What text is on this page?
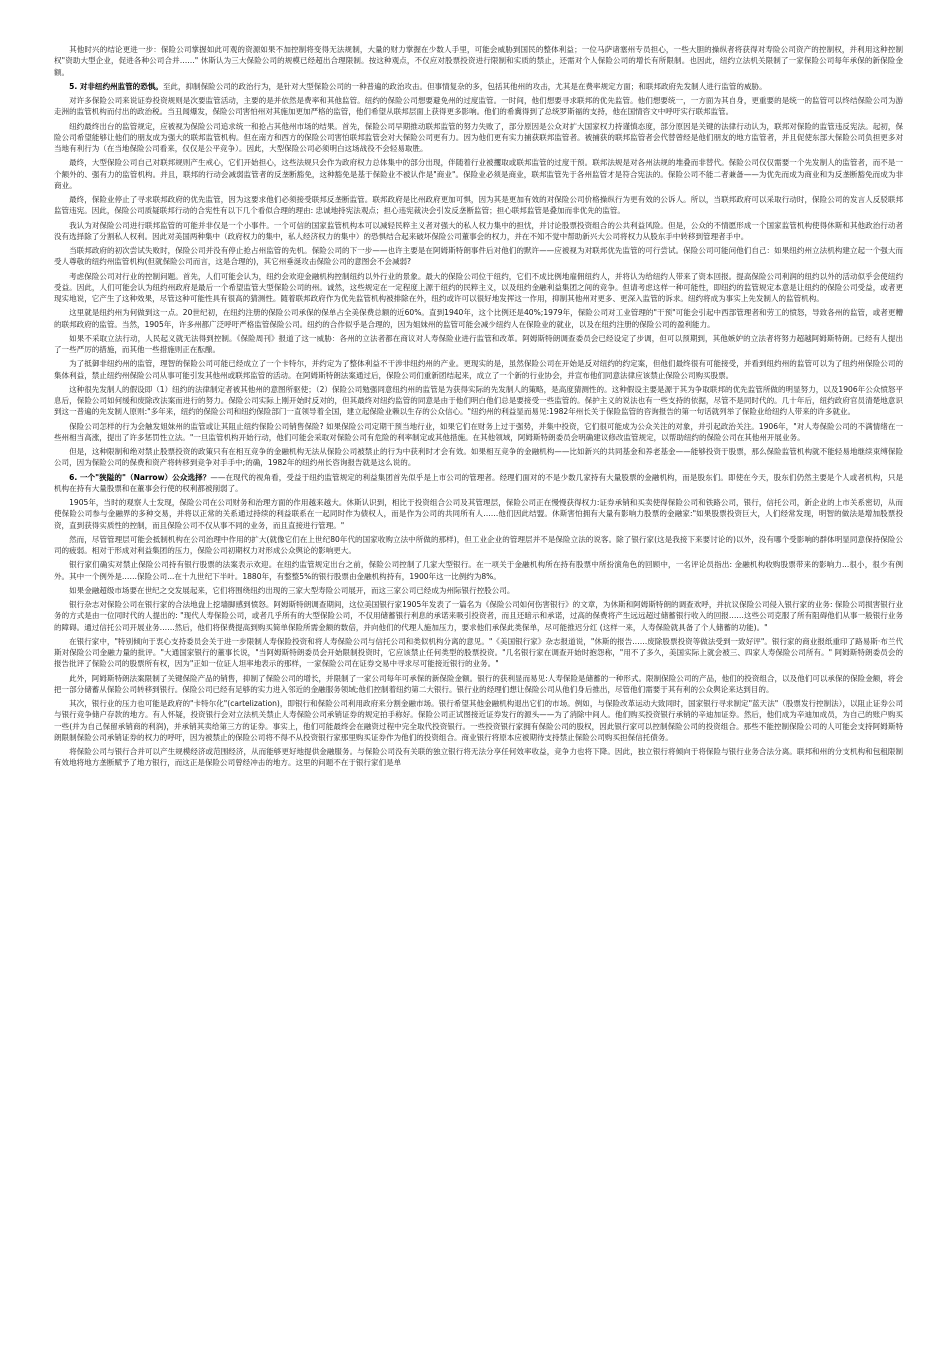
其他时兴的结论更进一步：保险公司掌握如此可观的资源如果不加控制将变得无法规制，大量的财力掌握在少数人手里，可能会威胁到国民的整体利益；一位马萨诸塞州专员担心，一些大胆的操纵者将获得对寿险公司资产的控制权，并利用这种控制权"资助大型企业，促进各种公司合并……" 休斯认为三大保险公司的规模已经超出合理限制。按这种观点，不仅应对股票投资进行限制和实质的禁止，还需对个人保险公司的增长有所限制。也因此，纽约立法机关限制了一家保险公司每年承保的新保险金额。

5. 对非纽约州监管的恐惧。至此，抑制保险公司的政治行为，是针对大型保险公司的一种普遍的政治攻击。但事情复杂的多，包括其他州的攻击，尤其是在费率规定方面；和联邦政府先发制人进行监管的威胁。

对许多保险公司来说证券投资规则是次要监管活动，主要的是并依然是费率和其他监管。纽约的保险公司想要避免州的过度监管。一时间，他们想要寻求联邦的优先监管。他们想要统一，一方面为其自身，更重要的是统一的监管可以终结保险公司为游走洲的监管机构而付出的政治税。当丑闻爆发，保险公司害怕州对其施加更加严格的监管，他们希望从联邦层面上获得更多影响。他们的希冀得到了总统罗斯福的支持，他在国情咨文中呼吁实行联邦监管。

纽约最终出台的监管规定，应被视为保险公司追求统一和抢占其他州市场的结果。首先，保险公司早期推动联邦监管的努力失败了，部分原因是公众对扩大国家权力持谨慎态度，部分原因是关键的法律行动认为，联邦对保险的监管违反宪法。起初，保险公司希望能够让他们的朋友成为强大的联邦监管机构。但在南方和西方的保险公司害怕联邦监管会对大保险公司更有力。因为他们更有实力捕获联邦监管者。被捕获的联邦监管者会代替曾经是他们朋友的地方监管者，并且促使东部大保险公司负担更多对当地有利行为（在当地保险公司看来，仅仅是公平竞争）。因此，大型保险公司必须明白这场战役不会轻易取胜。

最终，大型保险公司自己对联邦规则产生戒心，它们开始担心，这些法规只会作为政府权力总体集中的部分出现，伴随着行业被攫取或联邦监管的过度干预。联邦法规是对各州法规的堆叠而非替代。保险公司仅仅需要一个先发制人的监管者，而不是一个额外的、强有力的监管机构。并且，联邦的行动会减弱监管者的反垄断豁免，这种豁免是基于保险业不被认作是"商业"。保险业必须是商业，联邦监管先于各州监管才是符合宪法的。保险公司不能二者兼备——为优先而成为商业和为反垄断豁免而成为非商业。

最终，保险业停止了寻求联邦政府的优先监管，因为这要求他们必须接受联邦反垄断监管。联邦政府是比州政府更加可惧，因为其是更加有效的对保险公司价格操纵行为更有效的公诉人。所以，当联邦政府可以采取行动时，保险公司的发言人反驳联邦监管违宪。因此，保险公司质疑联邦行动的合宪性有以下几个看似合理的理由: 忠诚地持宪法观点；担心违宪裁决会引发反垄断监管；担心联邦监管是叠加而非优先的监管。

我认为对保险公司进行联邦监管的可能并非仅是一个小事件。一个可信的国家监管机构本可以减轻民粹主义者对强大的私人权力集中的担忧，并讨论股票投资组合的公共利益风险。但是，公众的不情愿形成一个国家监管机构使得休斯和其他政治行动者没有选择除了分割私人权利。因此对美国两种集中（政府权力的集中，私人经济权力的集中）的恐惧结合起来破坏保险公司董事会的权力，并在不知不觉中帮助新兴大公司将权力从股东手中转移到管理者手中。

当联邦政府的初次尝试失败时，保险公司并没有停止抢占州监管的先机。保险公司的下一步——也许主要是在阿姆斯特朗事件后对他们的默许——应被视为对联邦优先监管的可行尝试。保险公司可能问他们自己：如果纽约州立法机构建立起一个强大而受人尊敬的纽约州监管机构(但就保险公司而言，这是合理的)，其它州垂涎攻击保险公司的意图会不会减弱?

考虑保险公司对行业的控制问题。首先，人们可能会认为，纽约会欢迎金融机构控制纽约以外行业的景象。最大的保险公司位于纽约，它们不成比例地雇佣纽约人，并将认为给纽约人带来了资本回报。提高保险公司利润的纽约以外的活动似乎会使纽约受益。因此，人们可能会认为纽约州政府是最后一个希望监管大型保险公司的州。诚然，这些规定在一定程度上源于纽约的民粹主义，以及纽约金融利益集团之间的竞争。但请考虑这样一种可能性，即纽约的监管规定本意是让纽约的保险公司受益，或者更现实地说，它产生了这种效果，尽管这种可能性具有很高的猜测性。随着联邦政府作为优先监管机构被排除在外，纽约或许可以很好地发挥这一作用，抑制其他州对更多、更深入监管的诉求。纽约将成为事实上先发制人的监管机构。

这里就是纽约州为何做到这一点。20世纪初，在纽约注册的保险公司承保的保单占全美保费总额的近60%。直到1940年，这个比例还是40%;1979年，保险公司对工业管理的"干预"可能会引起中西部管理者和劳工的愤怒，导致各州的监管，或者更糟的联邦政府的监管。当然，1905年，许多州都广泛呼吁严格监管保险公司。纽约的合作似乎是合理的，因为姐妹州的监管可能会减少纽约人在保险业的就业，以及在纽约注册的保险公司的盈利能力。

如果不采取立法行动，人民起义就无法得到控制。《保险周刊》报道了这一威胁：各州的立法者都在商议对人寿保险业进行监管和改革。阿姆斯特朗调查委员会已经设定了步调，但可以预期到，其他嫉妒的立法者将努力超越阿姆斯特朗。已经有人提出了一些严厉的措施，而其他一些措施则正在酝酿。

为了抵御非纽约州的监管，理智的保险公司可能已经成立了一个卡特尔，并约定为了整体利益不干涉非纽约州的产业。更现实的是，虽然保险公司在开始是反对纽约的约定案，但他们最终很有可能接受，并看到纽约州的监管可以为了纽约州保险公司的集体利益，禁止纽约州保险公司从事可能引发其他州或联邦监管的活动。在阿姆斯特朗法案通过后，保险公司们重新团结起来，成立了一个新的行业协会，并宣布他们同意法律应该禁止保险公司购买股票。

这种很先发制人的假设即（1）纽约的法律制定者被其他州的意图所驱使；（2）保险公司勉强同意纽约州的监管是为获得实际的先发制人的策略，是高度猜测性的。这种假设主要是源于其为争取联邦的优先监管所做的明显努力，以及1906年公众愤怒平息后，保险公司如何缓和废除改法案而进行的努力。保险公司实际上刚开始时反对的，但其最终对纽约监管的同意是由于他们明白他们总是要接受一些监管的。保护主义的说法也有一些支持的依据，尽管不是同时代的。几十年后，纽约政府官员清楚地意识到这一普遍的先发制人原则:"多年来，纽约的保险公司和纽约保险部门一直领导着全国，建立起保险业赖以生存的公众信心。"纽约州的利益显而易见:1982年州长关于保险监管的咨询报告的第一句话就列举了保险业给纽约人带来的许多就业。

保险公司怎样的行为会触发姐妹州的监管或让其阻止纽约保险公司销售保险? 如果保险公司定期干预当地行业，如果它们在财务上过于强势，并集中投资，它们很可能成为公众关注的对象，并引起政治关注。1906年，"对人寿保险公司的不满情绪在一些州相当高涨，提出了许多惩罚性立法。"一旦监管机构开始行动，他们可能会采取对保险公司有危险的利率制定或其他措施。在其他领域，阿姆斯特朗委员会明确建议修改监管规定，以帮助纽约的保险公司在其他州开展业务。

但是，这种限制和绝对禁止股票投资的政策只有在相互竞争的金融机构无法从保险公司被禁止的行为中获利时才会有效。如果相互竞争的金融机构——比如新兴的共同基金和养老基金——能够投资于股票，那么保险监管机构就不能轻易地继续束缚保险公司，因为保险公司的保费和资产将转移到竞争对手手中;的确，1982年的纽约州长咨询报告就是这么说的。

6. 一个"狭隘的"（Narrow）公众选择？——在现代的视角看，受益于纽约监管规定的利益集团首先似乎是上市公司的管理者。经理们面对的不是少数几家持有大量股票的金融机构，而是股东们。即使在今天，股东们仍然主要是个人或者机构，只是机构在持有大量股票和在董事会行使的权利都被削弱了。

1905年，当时的观察人士发现，保险公司在公司财务和治理方面的作用越来越大。休斯认识到，相比于投资组合公司及其管理层，保险公司正在慢慢获得权力:证券承销和买卖使得保险公司和铁路公司，银行，信托公司，新企业的上市关系密切，从而使保险公司参与金融界的多种交易，并将以正常的关系通过持续的利益联系在一起同时作为债权人，而是作为公司的共同所有人……他们因此结盟。休斯害怕拥有大量有影响力股票的金融家:"如果股票投资巨大，人们经常发现，明智的做法是增加股票投资，直到获得实质性的控制，而且保险公司不仅从事不同的业务，而且直接进行管理。"

然而，尽管管理层可能会抵制机构在公司治理中作用的扩大(就像它们在上世纪80年代的国家收购立法中所做的那样)，但工业企业的管理层并不是保险立法的说客。除了银行家(这是我接下来要讨论的)以外，没有哪个受影响的群体明显同意保持保险公司的疲弱。相对于形成对利益集团的压力，保险公司初期权力对形成公众舆论的影响更大。

银行家们确实对禁止保险公司持有银行股票的法案表示欢迎。在纽约监管规定出台之前，保险公司控制了几家大型银行。在一项关于金融机构所在持有股票中所扮演角色的回顾中，一名评论员指出: 金融机构收购股票带来的影响力...很小，很少有例外。其中一个例外是……保险公司...在十九世纪下半叶。1880年，有整整5%的银行股票由金融机构持有，1900年这一比例约为8%。

如果金融超级市场要在世纪之交发展起来，它们将围绕纽约出现的三家大型寿险公司展开，而这三家公司已经成为州际银行控股公司。

银行杂志对保险公司在银行家的合法地盘上挖墙脚感到愤怒。阿姆斯特朗调查期间，这位美国银行家1905年发表了一篇名为《保险公司如何伤害银行》的文章，为休斯和阿姆斯特朗的调查欢呼，并抗议保险公司侵入银行家的业务: 保险公司损害银行业务的方式是由一位同时代的人提出的: "现代人寿保险公司，或者几乎所有的大型保险公司，不仅用储蓄银行利息的承诺来吸引投资者，而且还暗示和承诺，过高的保费将产生远远超过储蓄银行收入的回报……这些公司克服了所有阻碍他们从事一般银行业务的障碍。通过信托公司开展业务……然后，他们将保费提高到购买简单保险所需金额的数倍，并向他们的代理人施加压力，要求他们承保此类保单，尽可能推迟分红 (这样一来，人寿保险就具备了个人储蓄的功能)。"

在银行家中，"特别倾向于衷心支持委员会关于进一步限制人寿保险投资和将人寿保险公司与信托公司和类似机构分离的意见。"《美国银行家》杂志报道说，"休斯的报告……废除股票投资等做法受到一致好评"。银行家的商业报纸重印了路易斯·布兰代斯对保险公司金融力量的批评。"大通国家银行的董事长说，"当阿姆斯特朗委员会开始限制投资时，它应该禁止任何类型的股票投资。"几名银行家在调查开始时抱怨称，"用不了多久，美国实际上就会被三、四家人寿保险公司所有。" 阿姆斯特朗委员会的报告批评了保险公司的股票所有权，因为"正如一位证人坦率地表示的那样，一家保险公司在证券交易中寻求尽可能接近银行的业务。"

此外，阿姆斯特朗法案限制了关键保险产品的销售，抑制了保险公司的增长，并限制了一家公司每年可承保的新保险金额。银行的获利显而易见:人寿保险是储蓄的一种形式。限制保险公司的产品，他们的投资组合，以及他们可以承保的保险金额，将会把一部分储蓄从保险公司转移到银行。保险公司已经有足够的实力进入邻近的金融服务领域;他们控制着纽约第二大银行。银行业的经理们想让保险公司从他们身后推出，尽管他们需要于其有利的公众舆论来达到目的。

其次，银行业的压力也可能是政府的"卡特尔化"(cartelization)，即银行和保险公司利用政府来分割金融市场。银行希望其他金融机构退出它们的市场。例如，与保险改革运动大致同时，国家银行寻求制定"蓝天法"（股票发行控制法），以阻止证券公司与银行竞争储户存款的地方。有人怀疑，投资银行会对立法机关禁止人寿保险公司承销证券的规定拍手称好。保险公司正试图接近证券发行的源头——为了消除中间人。他们购买投资银行承销的辛迪加证券。然后，他们成为辛迪加成员，为自己的账户购买一些(并为自己保留承销商的利润)，并承销其卖给第三方的证券。事实上，他们可能最终会在融资过程中完全取代投资银行。一些投资银行家拥有保险公司的股权，因此银行家可以控制保险公司的投资组合。那些不能控制保险公司的人可能会支持阿姆斯特朗限制保险公司承销证券的权力的呼吁，因为被禁止的保险公司将不得不从投资银行家那里购买证券作为他们的投资组合。商业银行将原本应被期待支持禁止保险公司购买担保信托债务。

将保险公司与银行合并可以产生规模经济或范围经济，从而能够更好地提供金融服务。与保险公司没有关联的独立银行将无法分享任何效率收益，竞争力也将下降。因此，独立银行将倾向于将保险与银行业务合法分离。联邦和州的分支机构和包租限制有效地将地方垄断赋予了地方银行，而这正是保险公司曾经冲击的地方。这里的问题不在于银行家们是单
